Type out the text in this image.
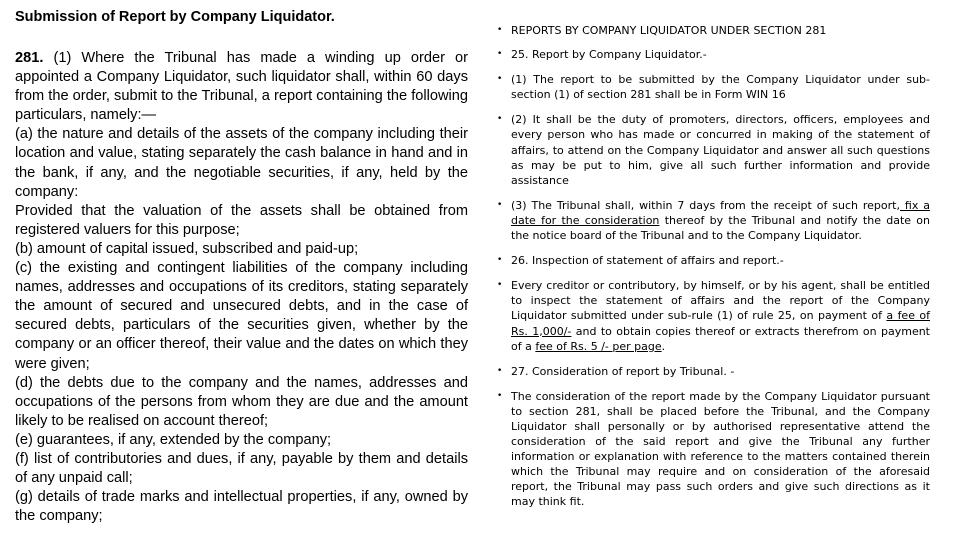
Submission of Report by Company Liquidator.

281. (1) Where the Tribunal has made a winding up order or appointed a Company Liquidator, such liquidator shall, within 60 days from the order, submit to the Tribunal, a report containing the following particulars, namely:—

(a) the nature and details of the assets of the company including their location and value, stating separately the cash balance in hand and in the bank, if any, and the negotiable securities, if any, held by the company:

Provided that the valuation of the assets shall be obtained from registered valuers for this purpose;

(b) amount of capital issued, subscribed and paid-up;

(c) the existing and contingent liabilities of the company including names, addresses and occupations of its creditors, stating separately the amount of secured and unsecured debts, and in the case of secured debts, particulars of the securities given, whether by the company or an officer thereof, their value and the dates on which they were given;

(d) the debts due to the company and the names, addresses and occupations of the persons from whom they are due and the amount likely to be realised on account thereof;

(e) guarantees, if any, extended by the company;

(f) list of contributories and dues, if any, payable by them and details of any unpaid call;

(g) details of trade marks and intellectual properties, if any, owned by the company;

• REPORTS BY COMPANY LIQUIDATOR UNDER SECTION 281

• 25. Report by Company Liquidator.-

• (1) The report to be submitted by the Company Liquidator under sub-section (1) of section 281 shall be in Form WIN 16

• (2) It shall be the duty of promoters, directors, officers, employees and every person who has made or concurred in making of the statement of affairs, to attend on the Company Liquidator and answer all such questions as may be put to him, give all such further information and provide assistance

• (3) The Tribunal shall, within 7 days from the receipt of such report, fix a date for the consideration thereof by the Tribunal and notify the date on the notice board of the Tribunal and to the Company Liquidator.

• 26. Inspection of statement of affairs and report.-

• Every creditor or contributory, by himself, or by his agent, shall be entitled to inspect the statement of affairs and the report of the Company Liquidator submitted under sub-rule (1) of rule 25, on payment of a fee of Rs. 1,000/- and to obtain copies thereof or extracts therefrom on payment of a fee of Rs. 5 /- per page.

• 27. Consideration of report by Tribunal. -

• The consideration of the report made by the Company Liquidator pursuant to section 281, shall be placed before the Tribunal, and the Company Liquidator shall personally or by authorised representative attend the consideration of the said report and give the Tribunal any further information or explanation with reference to the matters contained therein which the Tribunal may require and on consideration of the aforesaid report, the Tribunal may pass such orders and give such directions as it may think fit.
